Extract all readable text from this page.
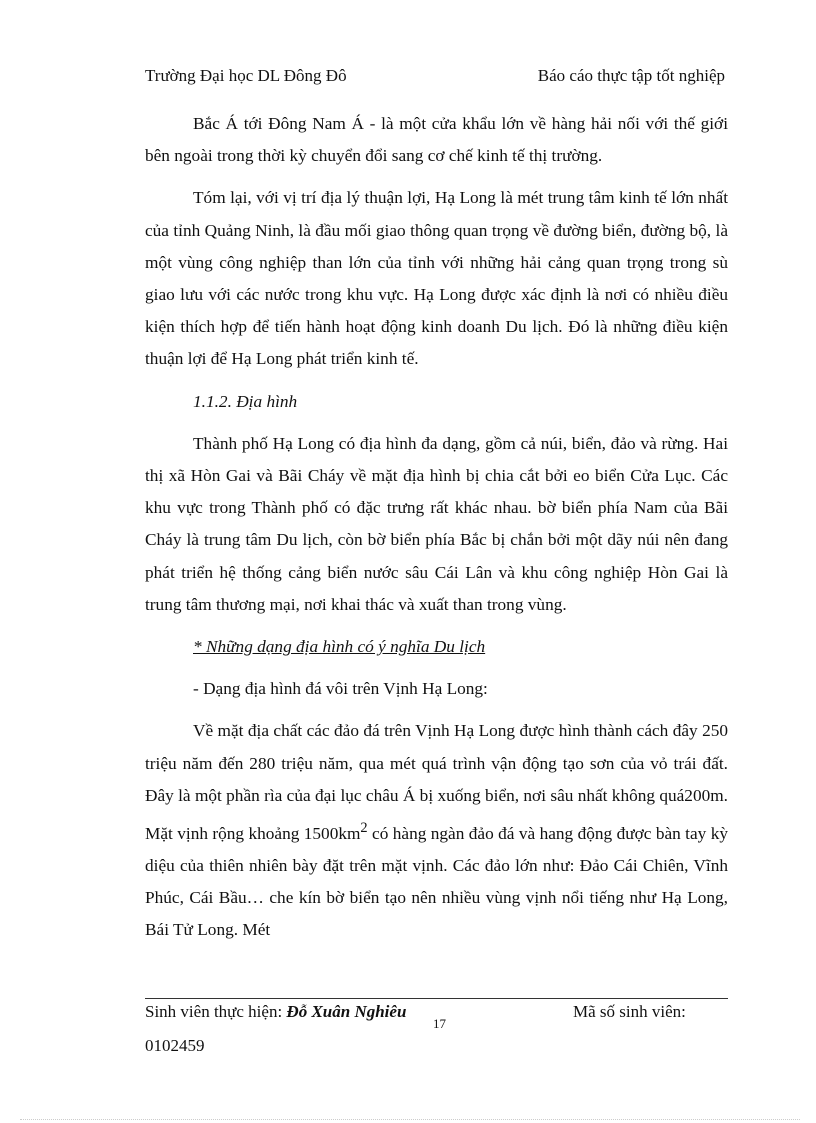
Trường Đại học DL Đông Đô	Báo cáo thực tập tốt nghiệp

Bắc Á tới Đông Nam Á - là một cửa khẩu lớn về hàng hải nối với thế giới bên ngoài trong thời kỳ chuyển đổi sang cơ chế kinh tế thị trường.

Tóm lại, với vị trí địa lý thuận lợi, Hạ Long là mét trung tâm kinh tế lớn nhất của tỉnh Quảng Ninh, là đầu mối giao thông quan trọng về đường biển, đường bộ, là một vùng công nghiệp than lớn của tỉnh với những hải cảng quan trọng trong sù giao lưu với các nước trong khu vực. Hạ Long được xác định là nơi có nhiều điều kiện thích hợp để tiến hành hoạt động kinh doanh Du lịch. Đó là những điều kiện thuận lợi để Hạ Long phát triển kinh tế.

1.1.2. Địa hình

Thành phố Hạ Long có địa hình đa dạng, gồm cả núi, biển, đảo và rừng. Hai thị xã Hòn Gai và Bãi Cháy về mặt địa hình bị chia cắt bởi eo biển Cửa Lục. Các khu vực trong Thành phố có đặc trưng rất khác nhau. bờ biển phía Nam của Bãi Cháy là trung tâm Du lịch, còn bờ biển phía Bắc bị chắn bởi một dãy núi nên đang phát triển hệ thống cảng biển nước sâu Cái Lân và khu công nghiệp Hòn Gai là trung tâm thương mại, nơi khai thác và xuất than trong vùng.

* Những dạng địa hình có ý nghĩa Du lịch

- Dạng địa hình đá vôi trên Vịnh Hạ Long:

Về mặt địa chất các đảo đá trên Vịnh Hạ Long được hình thành cách đây 250 triệu năm đến 280 triệu năm, qua mét quá trình vận động tạo sơn của vỏ trái đất. Đây là một phần rìa của đại lục châu Á bị xuống biển, nơi sâu nhất không quá200m. Mặt vịnh rộng khoảng $1500km^2$ có hàng ngàn đảo đá và hang động được bàn tay kỳ diệu của thiên nhiên bày đặt trên mặt vịnh. Các đảo lớn như: Đảo Cái Chiên, Vĩnh Phúc, Cái Bầu… che kín bờ biển tạo nên nhiều vùng vịnh nổi tiếng như Hạ Long, Bái Tử Long. Mét

Sinh viên thực hiện: Đỗ Xuân Nghiêu
17
Mã số sinh viên:
0102459
